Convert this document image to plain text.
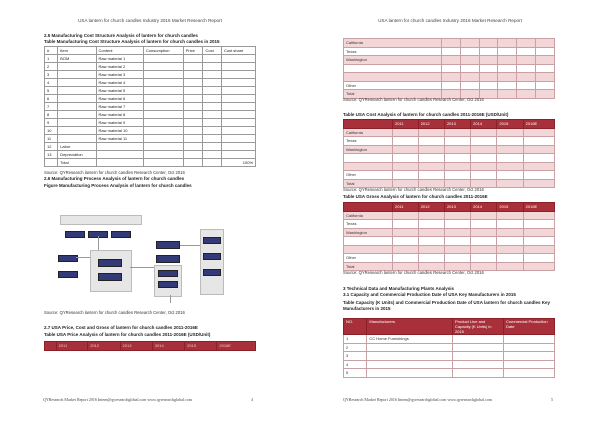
USA lantern for church candles Industry 2016 Market Research Report
2.5 Manufacturing Cost Structure Analysis of lantern for church candles
Table Manufacturing Cost Structure Analysis of lantern for church candles in 2015
#	Item	Content	Consumption	Price	Cost	Cost share
1	BOM	Raw material 1				
2		Raw material 2				
3		Raw material 3				
4		Raw material 4				
5		Raw material 5				
6		Raw material 6				
7		Raw material 7				
8		Raw material 8				
9		Raw material 9				
10		Raw material 10				
11		Raw material 11				
12	Labor					
13	Depreciation					
	Total					100%
Source: QYResearch lantern for church candles Research Center, Oct 2016
2.6 Manufacturing Process Analysis of lantern for church candles
Figure Manufacturing Process Analysis of lantern for church candles
Source: QYResearch lantern for church candles Research Center, Oct 2016
2.7 USA Price, Cost and Gross of lantern for church candles 2011-2016E
Table USA Price Analysis of lantern for church candles 2011-2016E (USD/Unit)
	2011	2012	2013	2014	2015	2016E
QYResearch Market Report 2016 Intern@qyresearchglobal.com www.qyresearchglobal.com	4
USA lantern for church candles Industry 2016 Market Research Report
California						
Texas						
Washington						

Other						
Total						
Source: QYResearch lantern for church candles Research Center, Oct 2016
Table USA Cost Analysis of lantern for church candles 2011-2016E (USD/Unit)
	2011	2012	2013	2014	2015	2016E
California						
Texas						
Washington						

Other						
Total						
Source: QYResearch lantern for church candles Research Center, Oct 2016
Table USA Gross Analysis of lantern for church candles 2011-2016E
	2011	2012	2013	2014	2015	2016E
California						
Texas						
Washington						

Other						
Total						
Source: QYResearch lantern for church candles Research Center, Oct 2016
3 Technical Data and Manufacturing Plants Analysis
3.1 Capacity and Commercial Production Date of USA Key Manufacturers in 2015
Table Capacity (K Units) and Commercial Production Date of USA lantern for church candles Key Manufacturers in 2015
NO.	Manufacturers	Product Line and Capacity (K Units) in 2015	Commercial Production Date
1	CC Home Furnishings		
2			
3			
4			
5			
QYResearch Market Report 2016 Intern@qyresearchglobal.com www.qyresearchglobal.com	5
